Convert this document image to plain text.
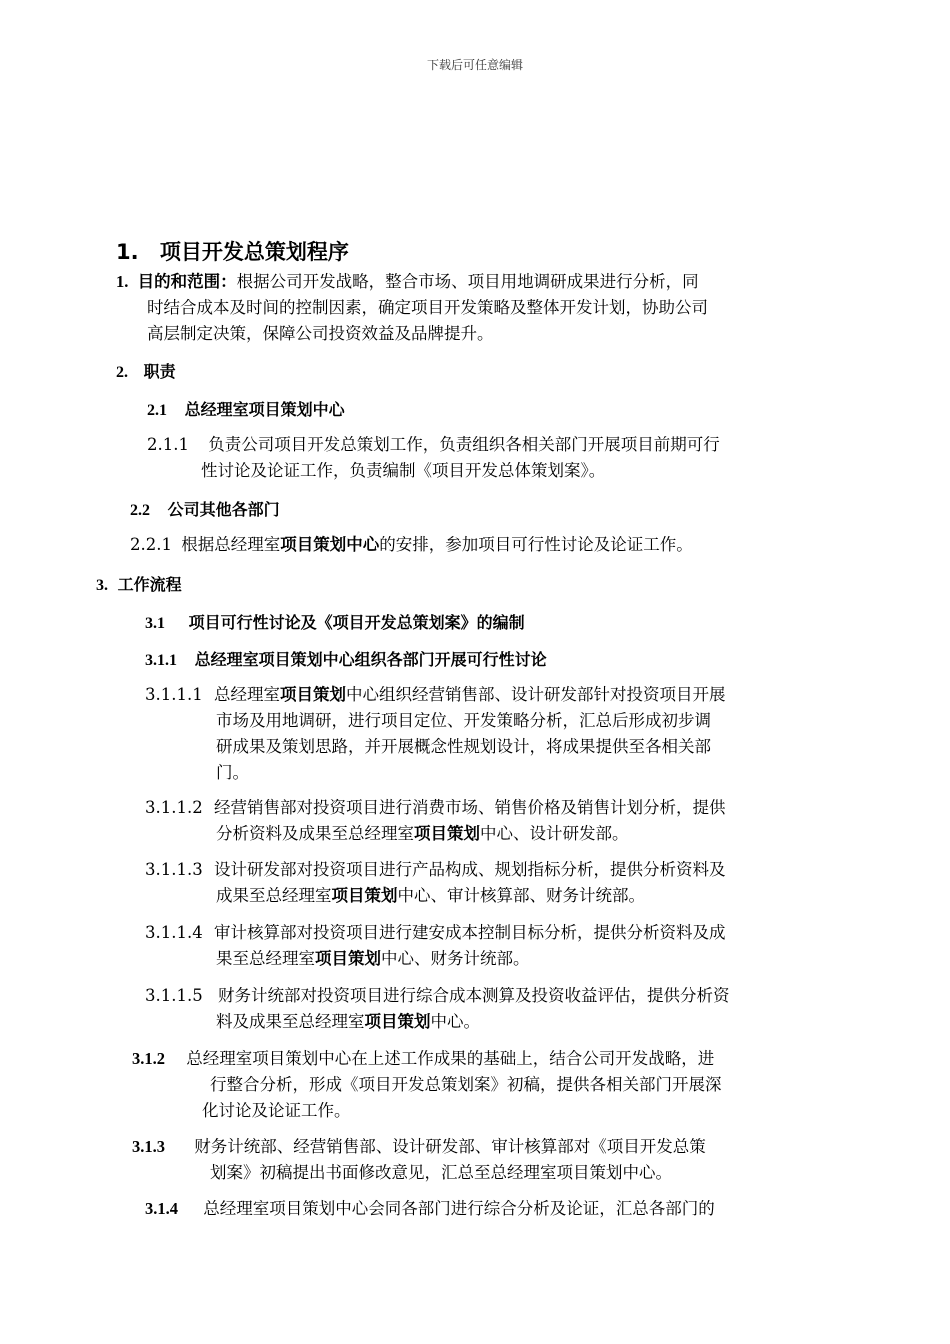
下载后可任意编辑
1. 项目开发总策划程序
1. 目的和范围：根据公司开发战略，整合市场、项目用地调研成果进行分析，同
时结合成本及时间的控制因素，确定项目开发策略及整体开发计划，协助公司
高层制定决策，保障公司投资效益及品牌提升。
2. 职责
2.1 总经理室项目策划中心
2.1.1 负责公司项目开发总策划工作，负责组织各相关部门开展项目前期可行
性讨论及论证工作，负责编制《项目开发总体策划案》。
2.2 公司其他各部门
2.2.1 根据总经理室项目策划中心的安排，参加项目可行性讨论及论证工作。
3. 工作流程
3.1 项目可行性讨论及《项目开发总策划案》的编制
3.1.1 总经理室项目策划中心组织各部门开展可行性讨论
3.1.1.1 总经理室项目策划中心组织经营销售部、设计研发部针对投资项目开展
市场及用地调研，进行项目定位、开发策略分析，汇总后形成初步调
研成果及策划思路，并开展概念性规划设计，将成果提供至各相关部
门。
3.1.1.2 经营销售部对投资项目进行消费市场、销售价格及销售计划分析，提供
分析资料及成果至总经理室项目策划中心、设计研发部。
3.1.1.3 设计研发部对投资项目进行产品构成、规划指标分析，提供分析资料及
成果至总经理室项目策划中心、审计核算部、财务计统部。
3.1.1.4 审计核算部对投资项目进行建安成本控制目标分析，提供分析资料及成
果至总经理室项目策划中心、财务计统部。
3.1.1.5 财务计统部对投资项目进行综合成本测算及投资收益评估，提供分析资
料及成果至总经理室项目策划中心。
3.1.2 总经理室项目策划中心在上述工作成果的基础上，结合公司开发战略，进
行整合分析，形成《项目开发总策划案》初稿，提供各相关部门开展深
化讨论及论证工作。
3.1.3 财务计统部、经营销售部、设计研发部、审计核算部对《项目开发总策
划案》初稿提出书面修改意见，汇总至总经理室项目策划中心。
3.1.4 总经理室项目策划中心会同各部门进行综合分析及论证，汇总各部门的
